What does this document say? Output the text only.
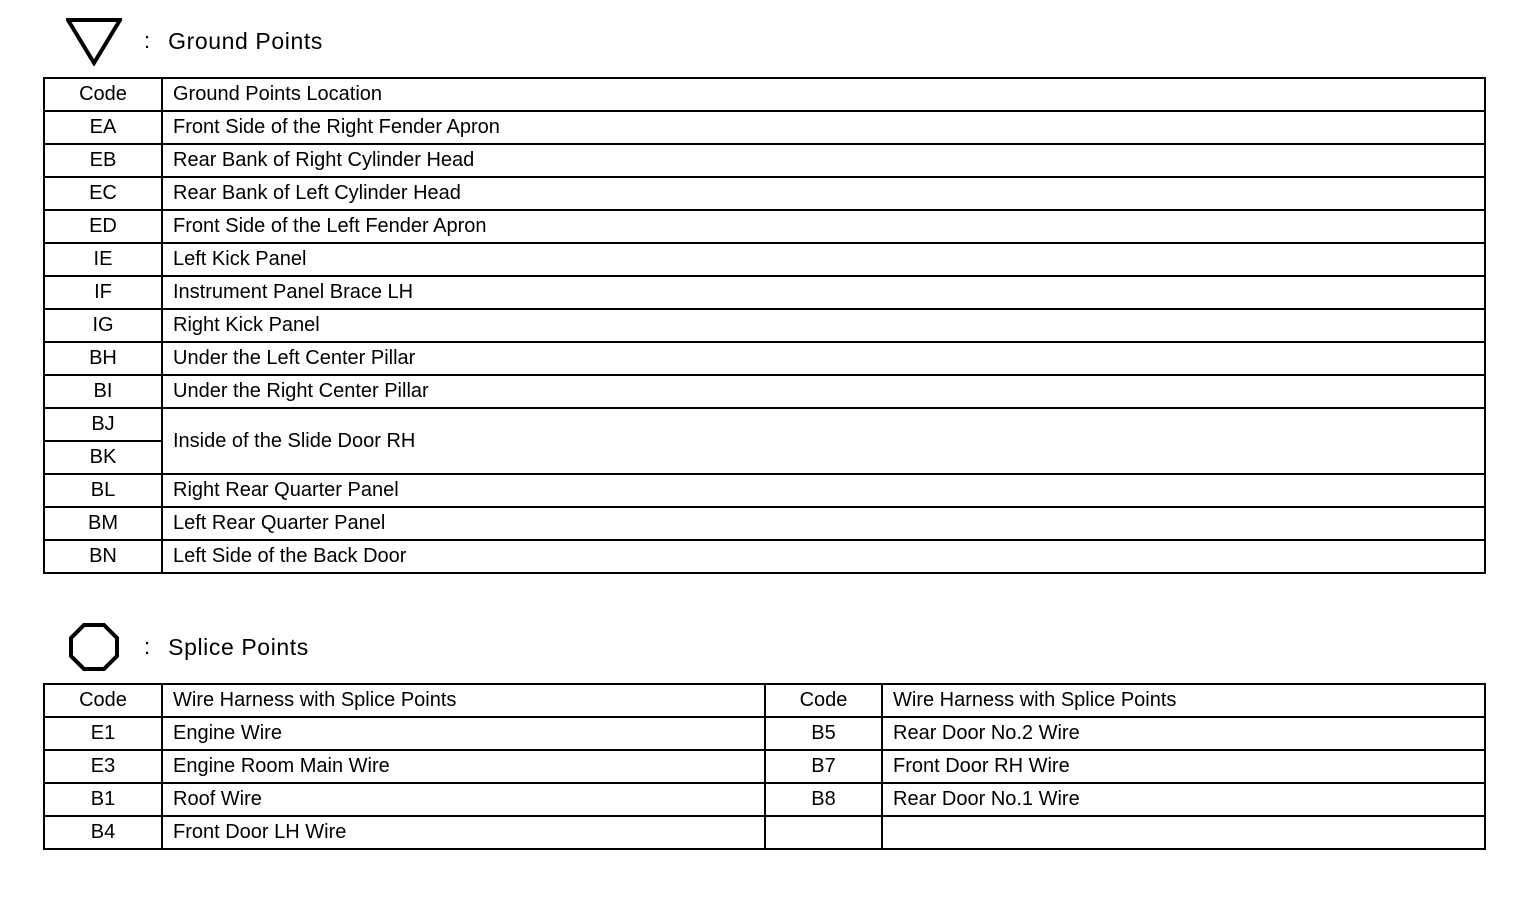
: Ground Points
Code	Ground Points Location
EA	Front Side of the Right Fender Apron
EB	Rear Bank of Right Cylinder Head
EC	Rear Bank of Left Cylinder Head
ED	Front Side of the Left Fender Apron
IE	Left Kick Panel
IF	Instrument Panel Brace LH
IG	Right Kick Panel
BH	Under the Left Center Pillar
BI	Under the Right Center Pillar
BJ	Inside of the Slide Door RH
BK	
BL	Right Rear Quarter Panel
BM	Left Rear Quarter Panel
BN	Left Side of the Back Door
: Splice Points
Code	Wire Harness with Splice Points	Code	Wire Harness with Splice Points
E1	Engine Wire	B5	Rear Door No.2 Wire
E3	Engine Room Main Wire	B7	Front Door RH Wire
B1	Roof Wire	B8	Rear Door No.1 Wire
B4	Front Door LH Wire		
